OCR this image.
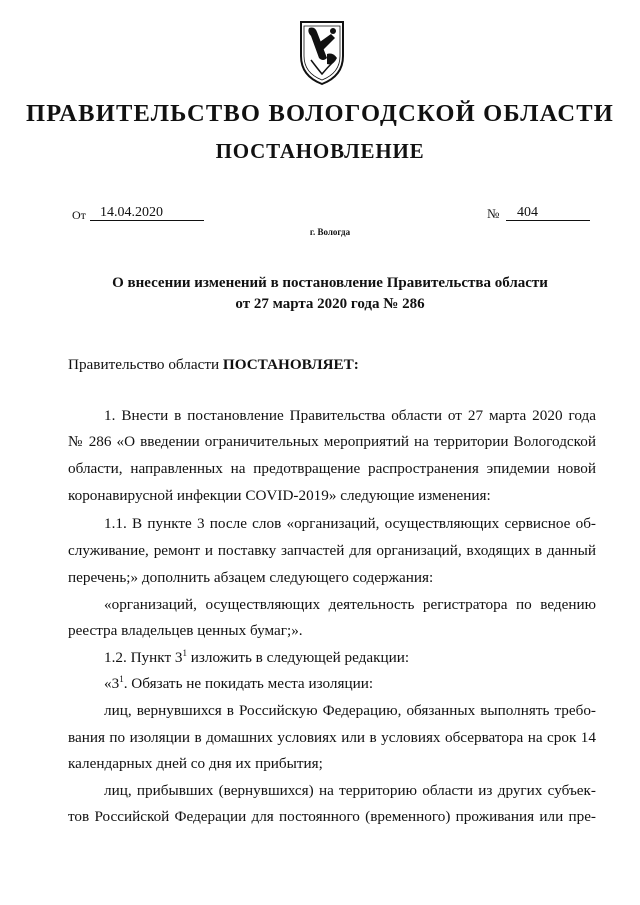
ПРАВИТЕЛЬСТВО ВОЛОГОДСКОЙ ОБЛАСТИ
ПОСТАНОВЛЕНИЕ
От 14.04.2020	№ 404
г. Вологда
О внесении изменений в постановление Правительства области
от 27 марта 2020 года № 286
Правительство области ПОСТАНОВЛЯЕТ:
1. Внести в постановление Правительства области от 27 марта 2020 года
№ 286 «О введении ограничительных мероприятий на территории Вологодской
области, направленных на предотвращение распространения эпидемии новой
коронавирусной инфекции COVID-2019» следующие изменения:
1.1. В пункте 3 после слов «организаций, осуществляющих сервисное об-
служивание, ремонт и поставку запчастей для организаций, входящих в данный
перечень;» дополнить абзацем следующего содержания:
«организаций, осуществляющих деятельность регистратора по ведению
реестра владельцев ценных бумаг;».
1.2. Пункт $3^1$ изложить в следующей редакции:
«$3^1$. Обязать не покидать места изоляции:
лиц, вернувшихся в Российскую Федерацию, обязанных выполнять требо-
вания по изоляции в домашних условиях или в условиях обсерватора на срок 14
календарных дней со дня их прибытия;
лиц, прибывших (вернувшихся) на территорию области из других субъек-
тов Российской Федерации для постоянного (временного) проживания или пре-
